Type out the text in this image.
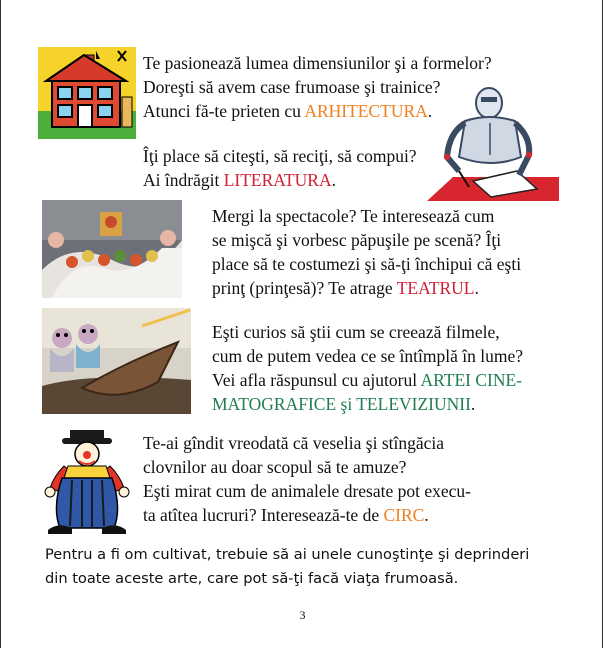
Te pasionează lumea dimensiunilor şi a formelor?

Doreşti să avem case frumoase şi trainice?

Atunci fă-te prieten cu ARHITECTURA.

Îţi place să citeşti, să reciţi, să compui?

Ai îndrăgit LITERATURA.

Mergi la spectacole? Te interesează cum

se mişcă şi vorbesc păpuşile pe scenă? Îţi

place să te costumezi şi să-ţi închipui că eşti

prinţ (prinţesă)? Te atrage TEATRUL.

Eşti curios să ştii cum se creează filmele,

cum de putem vedea ce se întîmplă în lume?

Vei afla răspunsul cu ajutorul ARTEI CINE-

MATOGRAFICE şi TELEVIZIUNII.

Te-ai gîndit vreodată că veselia şi stîngăcia

clovnilor au doar scopul să te amuze?

Eşti mirat cum de animalele dresate pot execu-

ta atîtea lucruri? Interesează-te de CIRC.

Pentru a fi om cultivat, trebuie să ai unele cunoştinţe şi deprinderi

din toate aceste arte, care pot să-ţi facă viaţa frumoasă.

3
